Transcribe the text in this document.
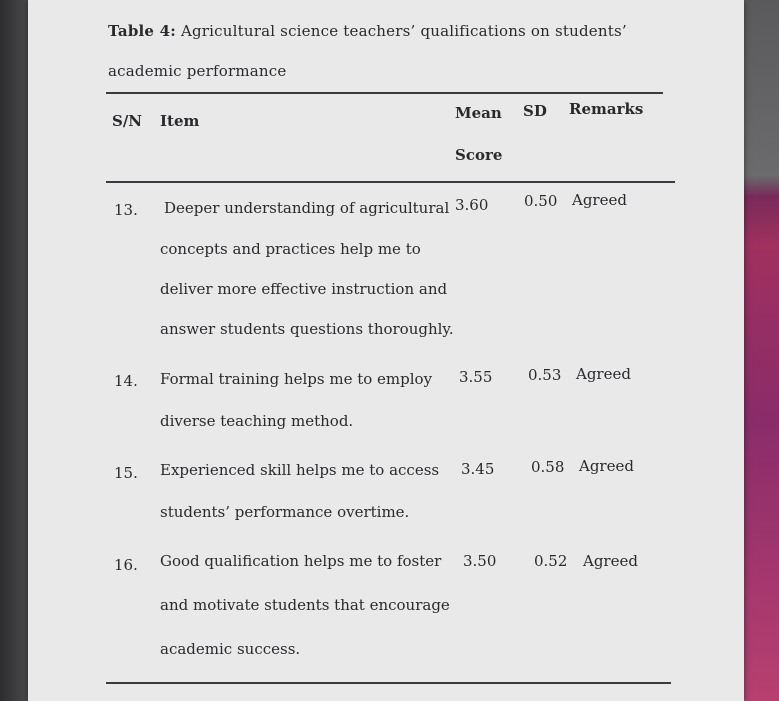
Table 4: Agricultural science teachers’ qualifications on students’
academic performance
S/N Item	Mean
Score
SD Remarks
13. Deeper understanding of agricultural
concepts and practices help me to
deliver more effective instruction and
answer students questions thoroughly.
3.60 0.50 Agreed
14. Formal training helps me to employ
diverse teaching method.
3.55 0.53 Agreed
15. Experienced skill helps me to access
students’ performance overtime.
3.45 0.58 Agreed
16. Good qualification helps me to foster
and motivate students that encourage
academic success.
3.50	0.52 Agreed
